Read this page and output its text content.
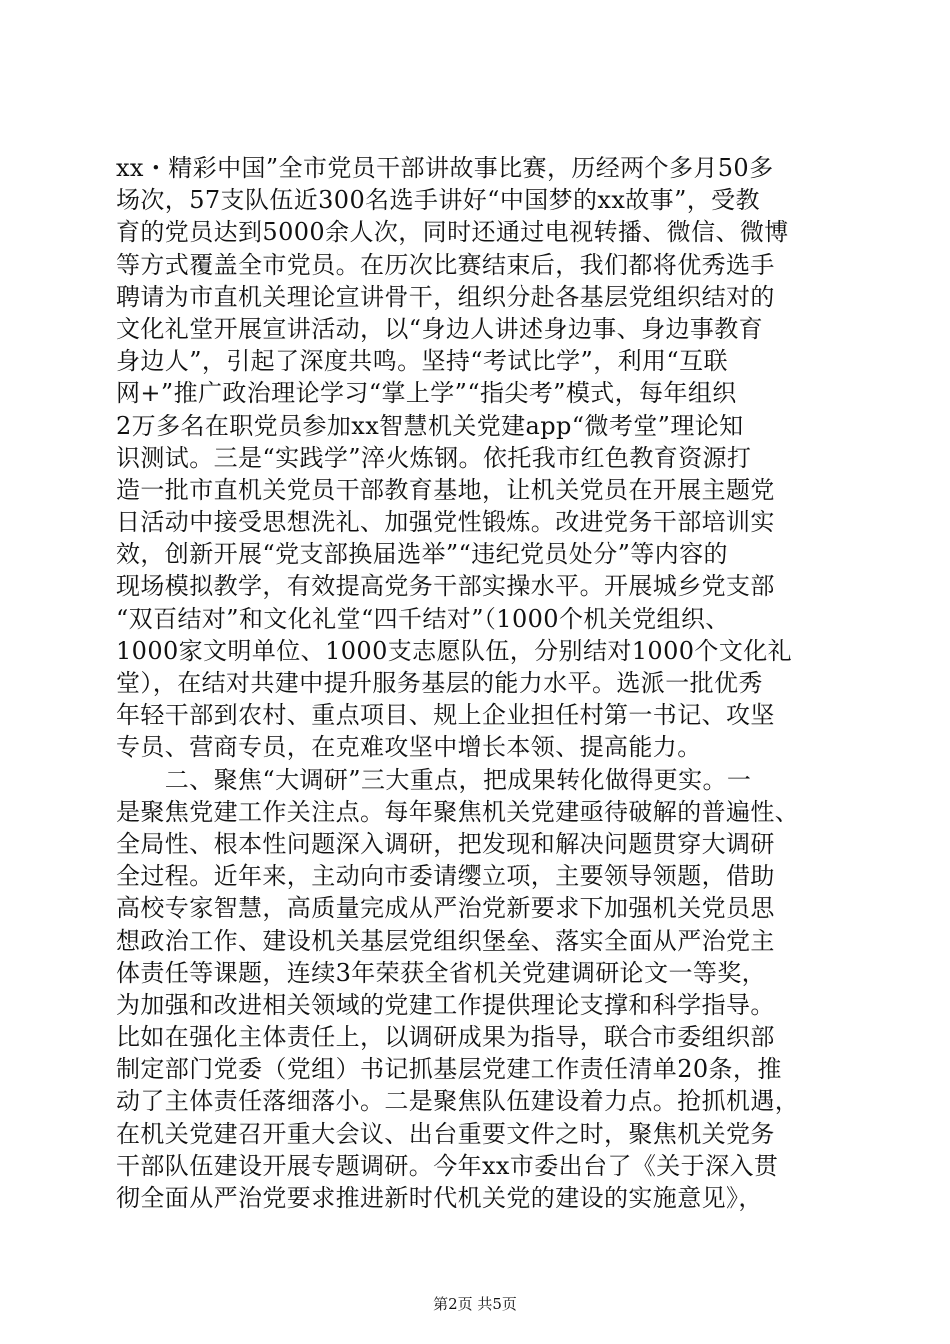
xx・精彩中国”全市党员干部讲故事比赛，历经两个多月50多
场次，57支队伍近300名选手讲好“中国梦的xx故事”，受教
育的党员达到5000余人次，同时还通过电视转播、微信、微博
等方式覆盖全市党员。在历次比赛结束后，我们都将优秀选手
聘请为市直机关理论宣讲骨干，组织分赴各基层党组织结对的
文化礼堂开展宣讲活动，以“身边人讲述身边事、身边事教育
身边人”，引起了深度共鸣。坚持“考试比学”，利用“互联
网+”推广政治理论学习“掌上学”“指尖考”模式，每年组织
2万多名在职党员参加xx智慧机关党建app“微考堂”理论知
识测试。三是“实践学”淬火炼钢。依托我市红色教育资源打
造一批市直机关党员干部教育基地，让机关党员在开展主题党
日活动中接受思想洗礼、加强党性锻炼。改进党务干部培训实
效，创新开展“党支部换届选举”“违纪党员处分”等内容的
现场模拟教学，有效提高党务干部实操水平。开展城乡党支部
“双百结对”和文化礼堂“四千结对”（1000个机关党组织、
1000家文明单位、1000支志愿队伍，分别结对1000个文化礼
堂），在结对共建中提升服务基层的能力水平。选派一批优秀
年轻干部到农村、重点项目、规上企业担任村第一书记、攻坚
专员、营商专员，在克难攻坚中增长本领、提高能力。
　　二、聚焦“大调研”三大重点，把成果转化做得更实。一
是聚焦党建工作关注点。每年聚焦机关党建亟待破解的普遍性、
全局性、根本性问题深入调研，把发现和解决问题贯穿大调研
全过程。近年来，主动向市委请缨立项，主要领导领题，借助
高校专家智慧，高质量完成从严治党新要求下加强机关党员思
想政治工作、建设机关基层党组织堡垒、落实全面从严治党主
体责任等课题，连续3年荣获全省机关党建调研论文一等奖，
为加强和改进相关领域的党建工作提供理论支撑和科学指导。
比如在强化主体责任上，以调研成果为指导，联合市委组织部
制定部门党委（党组）书记抓基层党建工作责任清单20条，推
动了主体责任落细落小。二是聚焦队伍建设着力点。抢抓机遇，
在机关党建召开重大会议、出台重要文件之时，聚焦机关党务
干部队伍建设开展专题调研。今年xx市委出台了《关于深入贯
彻全面从严治党要求推进新时代机关党的建设的实施意见》，
第2页 共5页
